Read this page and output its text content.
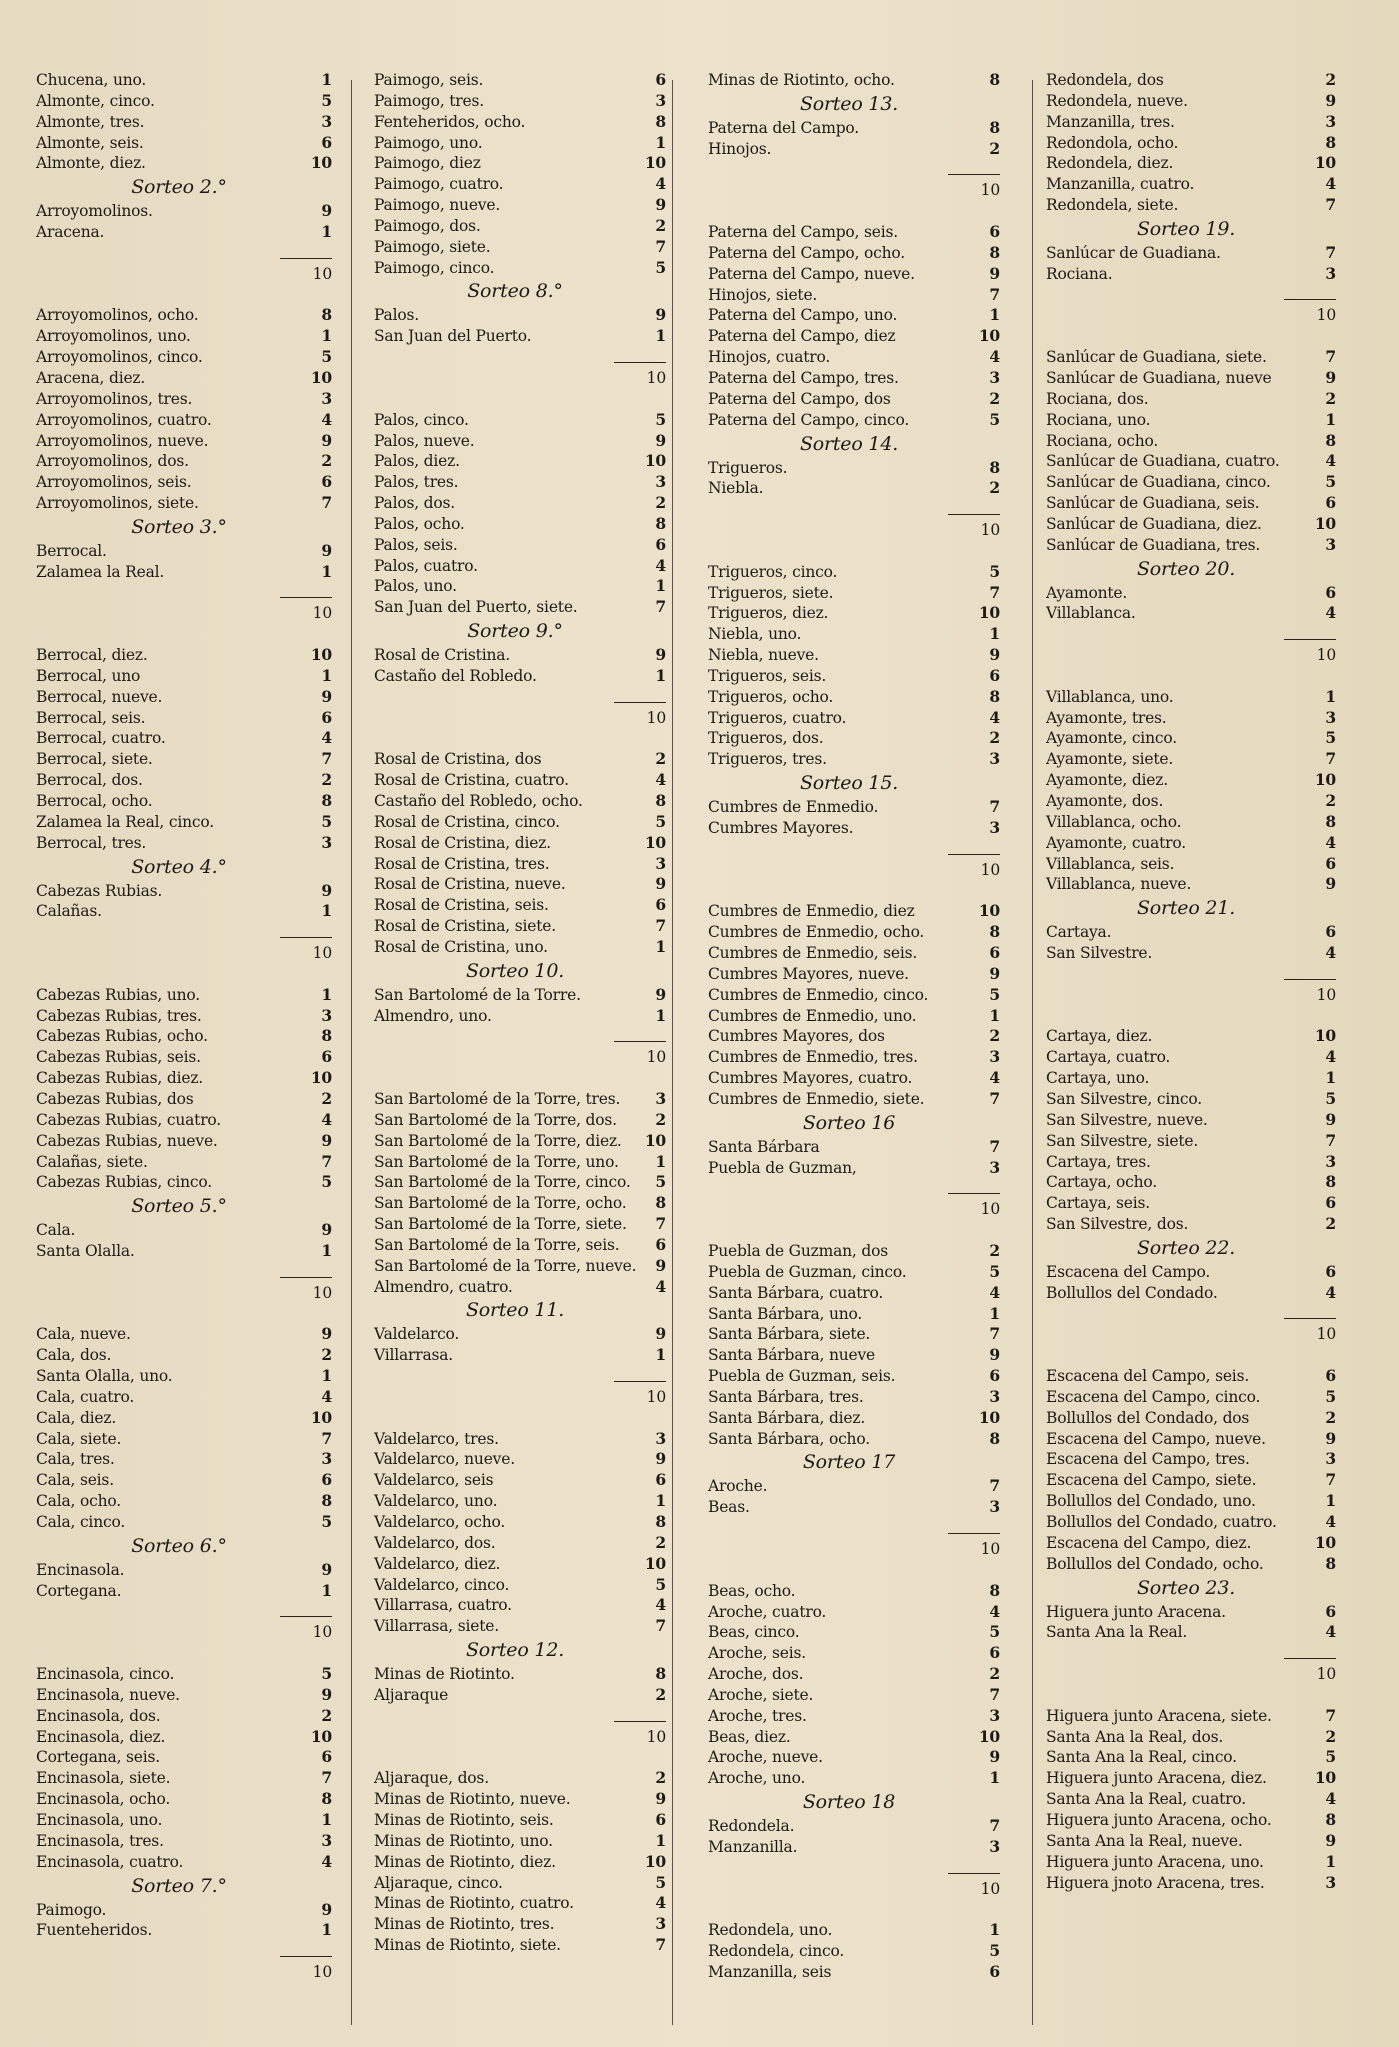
Chucena, uno.	1
Almonte, cinco.	5
Almonte, tres.	3
Almonte, seis.	6
Almonte, diez.	10
Sorteo 2.°
Arroyomolinos.	9
Aracena.	1
10
Arroyomolinos, ocho.	8
Arroyomolinos, uno.	1
Arroyomolinos, cinco.	5
Aracena, diez.	10
Arroyomolinos, tres.	3
Arroyomolinos, cuatro.	4
Arroyomolinos, nueve.	9
Arroyomolinos, dos.	2
Arroyomolinos, seis.	6
Arroyomolinos, siete.	7
Sorteo 3.°
Berrocal.	9
Zalamea la Real.	1
10
Berrocal, diez.	10
Berrocal, uno	1
Berrocal, nueve.	9
Berrocal, seis.	6
Berrocal, cuatro.	4
Berrocal, siete.	7
Berrocal, dos.	2
Berrocal, ocho.	8
Zalamea la Real, cinco.	5
Berrocal, tres.	3
Sorteo 4.°
Cabezas Rubias.	9
Calañas.	1
10
Cabezas Rubias, uno.	1
Cabezas Rubias, tres.	3
Cabezas Rubias, ocho.	8
Cabezas Rubias, seis.	6
Cabezas Rubias, diez.	10
Cabezas Rubias, dos	2
Cabezas Rubias, cuatro.	4
Cabezas Rubias, nueve.	9
Calañas, siete.	7
Cabezas Rubias, cinco.	5
Sorteo 5.°
Cala.	9
Santa Olalla.	1
10
Cala, nueve.	9
Cala, dos.	2
Santa Olalla, uno.	1
Cala, cuatro.	4
Cala, diez.	10
Cala, siete.	7
Cala, tres.	3
Cala, seis.	6
Cala, ocho.	8
Cala, cinco.	5
Sorteo 6.°
Encinasola.	9
Cortegana.	1
10
Encinasola, cinco.	5
Encinasola, nueve.	9
Encinasola, dos.	2
Encinasola, diez.	10
Cortegana, seis.	6
Encinasola, siete.	7
Encinasola, ocho.	8
Encinasola, uno.	1
Encinasola, tres.	3
Encinasola, cuatro.	4
Sorteo 7.°
Paimogo.	9
Fuenteheridos.	1
10
Paimogo, seis.	6
Paimogo, tres.	3
Fenteheridos, ocho.	8
Paimogo, uno.	1
Paimogo, diez	10
Paimogo, cuatro.	4
Paimogo, nueve.	9
Paimogo, dos.	2
Paimogo, siete.	7
Paimogo, cinco.	5
Sorteo 8.°
Palos.	9
San Juan del Puerto.	1
10
Palos, cinco.	5
Palos, nueve.	9
Palos, diez.	10
Palos, tres.	3
Palos, dos.	2
Palos, ocho.	8
Palos, seis.	6
Palos, cuatro.	4
Palos, uno.	1
San Juan del Puerto, siete.	7
Sorteo 9.°
Rosal de Cristina.	9
Castaño del Robledo.	1
10
Rosal de Cristina, dos	2
Rosal de Cristina, cuatro.	4
Castaño del Robledo, ocho.	8
Rosal de Cristina, cinco.	5
Rosal de Cristina, diez.	10
Rosal de Cristina, tres.	3
Rosal de Cristina, nueve.	9
Rosal de Cristina, seis.	6
Rosal de Cristina, siete.	7
Rosal de Cristina, uno.	1
Sorteo 10.
San Bartolomé de la Torre.	9
Almendro, uno.	1
10
San Bartolomé de la Torre, tres. 3
San Bartolomé de la Torre, dos. 2
San Bartolomé de la Torre, diez. 10
San Bartolomé de la Torre, uno. 1
San Bartolomé de la Torre, cinco. 5
San Bartolomé de la Torre, ocho. 8
San Bartolomé de la Torre, siete. 7
San Bartolomé de la Torre, seis. 6
San Bartolomé de la Torre, nueve. 9
Almendro, cuatro.	4
Sorteo 11.
Valdelarco.	9
Villarrasa.	1
10
Valdelarco, tres.	3
Valdelarco, nueve.	9
Valdelarco, seis	6
Valdelarco, uno.	1
Valdelarco, ocho.	8
Valdelarco, dos.	2
Valdelarco, diez.	10
Valdelarco, cinco.	5
Villarrasa, cuatro.	4
Villarrasa, siete.	7
Sorteo 12.
Minas de Riotinto.	8
Aljaraque	2
10
Aljaraque, dos.	2
Minas de Riotinto, nueve.	9
Minas de Riotinto, seis.	6
Minas de Riotinto, uno.	1
Minas de Riotinto, diez.	10
Aljaraque, cinco.	5
Minas de Riotinto, cuatro.	4
Minas de Riotinto, tres.	3
Minas de Riotinto, siete.	7
Minas de Riotinto, ocho.	8
Sorteo 13.
Paterna del Campo.	8
Hinojos.	2
10
Paterna del Campo, seis.	6
Paterna del Campo, ocho.	8
Paterna del Campo, nueve.	9
Hinojos, siete.	7
Paterna del Campo, uno.	1
Paterna del Campo, diez	10
Hinojos, cuatro.	4
Paterna del Campo, tres.	3
Paterna del Campo, dos	2
Paterna del Campo, cinco.	5
Sorteo 14.
Trigueros.	8
Niebla.	2
10
Trigueros, cinco.	5
Trigueros, siete.	7
Trigueros, diez.	10
Niebla, uno.	1
Niebla, nueve.	9
Trigueros, seis.	6
Trigueros, ocho.	8
Trigueros, cuatro.	4
Trigueros, dos.	2
Trigueros, tres.	3
Sorteo 15.
Cumbres de Enmedio.	7
Cumbres Mayores.	3
10
Cumbres de Enmedio, diez	10
Cumbres de Enmedio, ocho.	8
Cumbres de Enmedio, seis.	6
Cumbres Mayores, nueve.	9
Cumbres de Enmedio, cinco.	5
Cumbres de Enmedio, uno.	1
Cumbres Mayores, dos	2
Cumbres de Enmedio, tres.	3
Cumbres Mayores, cuatro.	4
Cumbres de Enmedio, siete.	7
Sorteo 16
Santa Bárbara	7
Puebla de Guzman,	3
10
Puebla de Guzman, dos	2
Puebla de Guzman, cinco.	5
Santa Bárbara, cuatro.	4
Santa Bárbara, uno.	1
Santa Bárbara, siete.	7
Santa Bárbara, nueve	9
Puebla de Guzman, seis.	6
Santa Bárbara, tres.	3
Santa Bárbara, diez.	10
Santa Bárbara, ocho.	8
Sorteo 17
Aroche.	7
Beas.	3
10
Beas, ocho.	8
Aroche, cuatro.	4
Beas, cinco.	5
Aroche, seis.	6
Aroche, dos.	2
Aroche, siete.	7
Aroche, tres.	3
Beas, diez.	10
Aroche, nueve.	9
Aroche, uno.	1
Sorteo 18
Redondela.	7
Manzanilla.	3
10
Redondela, uno.	1
Redondela, cinco.	5
Manzanilla, seis	6
Redondela, dos	2
Redondela, nueve.	9
Manzanilla, tres.	3
Redondola, ocho.	8
Redondela, diez.	10
Manzanilla, cuatro.	4
Redondela, siete.	7
Sorteo 19.
Sanlúcar de Guadiana.	7
Rociana.	3
10
Sanlúcar de Guadiana, siete.	7
Sanlúcar de Guadiana, nueve	9
Rociana, dos.	2
Rociana, uno.	1
Rociana, ocho.	8
Sanlúcar de Guadiana, cuatro.	4
Sanlúcar de Guadiana, cinco.	5
Sanlúcar de Guadiana, seis.	6
Sanlúcar de Guadiana, diez.	10
Sanlúcar de Guadiana, tres.	3
Sorteo 20.
Ayamonte.	6
Villablanca.	4
10
Villablanca, uno.	1
Ayamonte, tres.	3
Ayamonte, cinco.	5
Ayamonte, siete.	7
Ayamonte, diez.	10
Ayamonte, dos.	2
Villablanca, ocho.	8
Ayamonte, cuatro.	4
Villablanca, seis.	6
Villablanca, nueve.	9
Sorteo 21.
Cartaya.	6
San Silvestre.	4
10
Cartaya, diez.	10
Cartaya, cuatro.	4
Cartaya, uno.	1
San Silvestre, cinco.	5
San Silvestre, nueve.	9
San Silvestre, siete.	7
Cartaya, tres.	3
Cartaya, ocho.	8
Cartaya, seis.	6
San Silvestre, dos.	2
Sorteo 22.
Escacena del Campo.	6
Bollullos del Condado.	4
10
Escacena del Campo, seis.	6
Escacena del Campo, cinco.	5
Bollullos del Condado, dos	2
Escacena del Campo, nueve.	9
Escacena del Campo, tres.	3
Escacena del Campo, siete.	7
Bollullos del Condado, uno.	1
Bollullos del Condado, cuatro.	4
Escacena del Campo, diez.	10
Bollullos del Condado, ocho.	8
Sorteo 23.
Higuera junto Aracena.	6
Santa Ana la Real.	4
10
Higuera junto Aracena, siete.	7
Santa Ana la Real, dos.	2
Santa Ana la Real, cinco.	5
Higuera junto Aracena, diez.	10
Santa Ana la Real, cuatro.	4
Higuera junto Aracena, ocho.	8
Santa Ana la Real, nueve.	9
Higuera junto Aracena, uno.	1
Higuera jnoto Aracena, tres.	3
